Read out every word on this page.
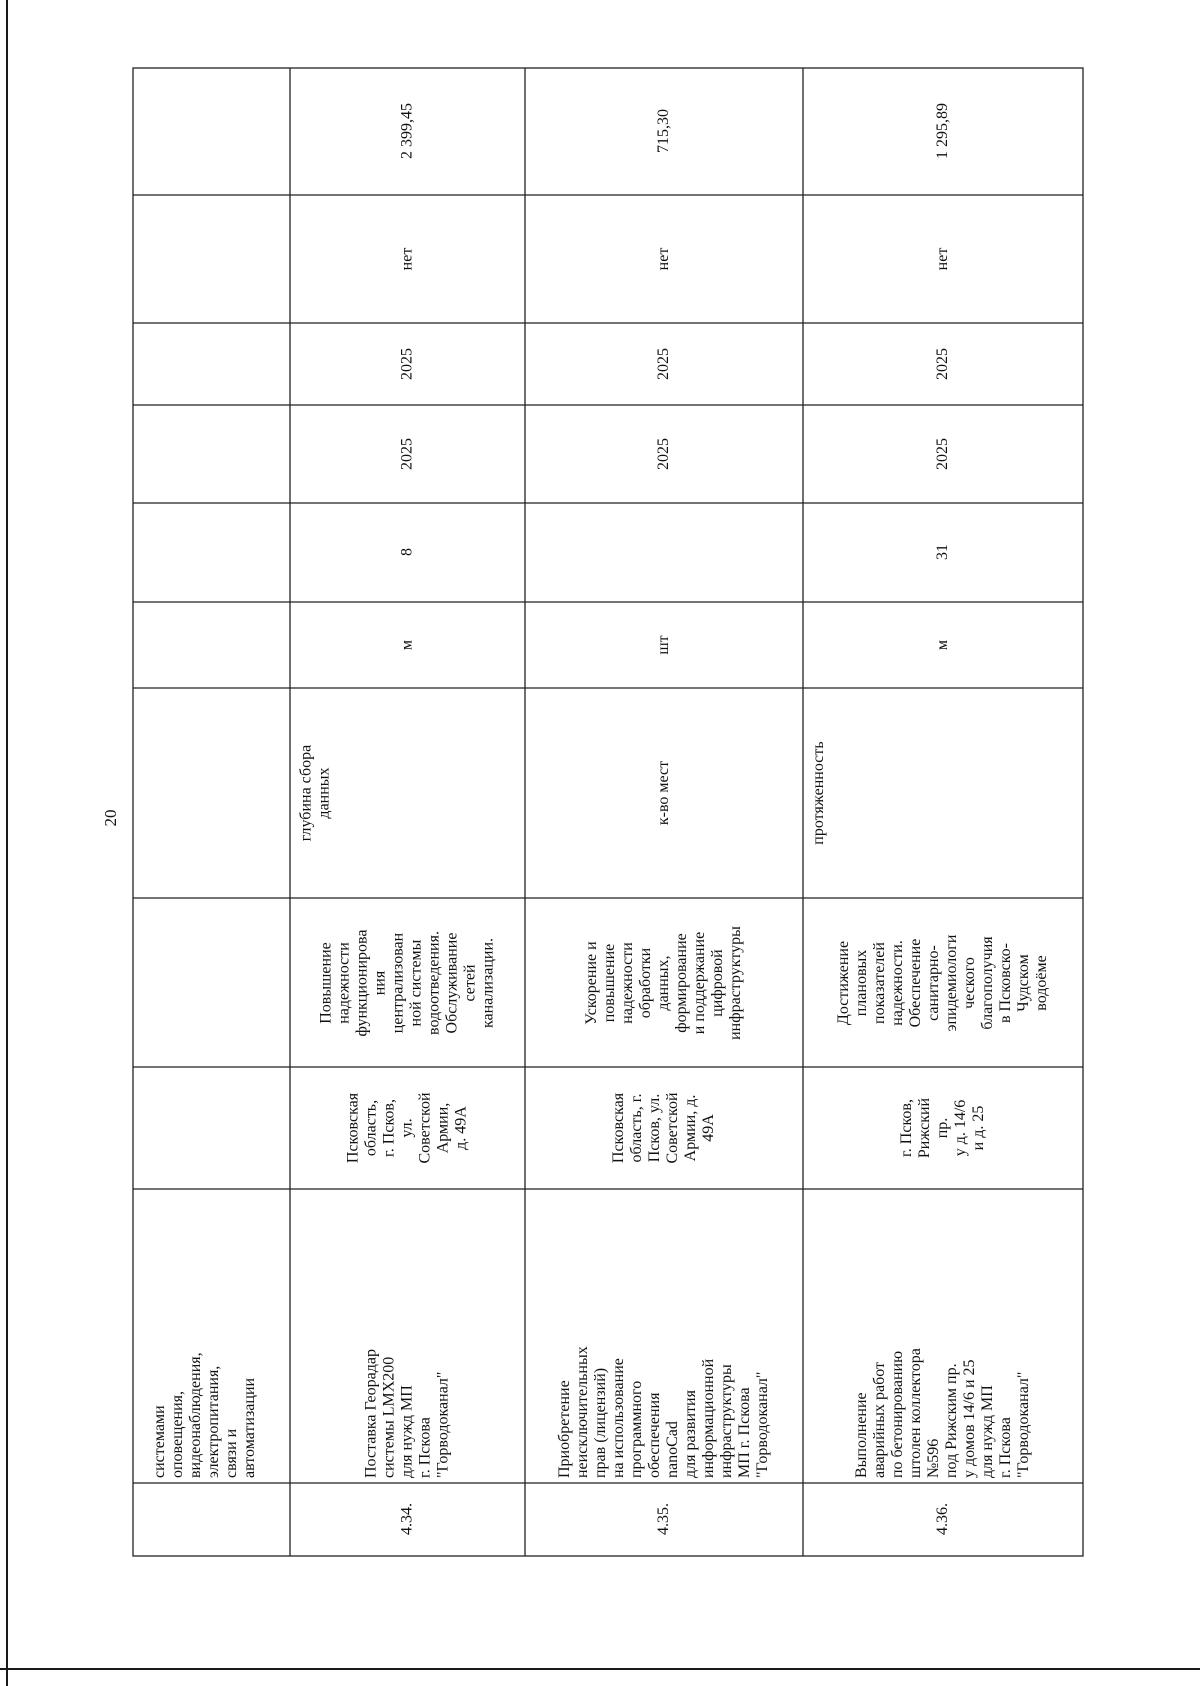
20
системами оповещения, видеонаблюдения, электропитания, связи и автоматизации
4.34.
Поставка Георадар системы LMX200 для нужд МП г. Пскова "Горводоканал"
Псковская область, г. Псков, ул. Советской Армии, д. 49А
Повышение надежности функционирова ния централизован ной системы водоотведения. Обслуживание сетей канализации.
глубина сбора данных
м
8
2025
2025
нет
2 399,45
4.35.
Приобретение неисключительных прав (лицензий) на использование программного обеспечения nanoCad для развития информационной инфраструктуры МП г. Пскова "Горводоканал"
Псковская область, г. Псков, ул. Советской Армии, д. 49А
Ускорение и повышение надежности обработки данных, формирование и поддержание цифровой инфраструктуры
к-во мест
шт
2025
2025
нет
715,30
4.36.
Выполнение аварийных работ по бетонированию штолен коллектора №596 под Рижским пр. у домов 14/6 и 25 для нужд МП г. Пскова "Горводоканал"
г. Псков, Рижский пр. у д. 14/6 и д. 25
Достижение плановых показателей надежности. Обеспечение санитарно- эпидемиологи ческого благополучия в Псковско- Чудском водоёме
протяженность
м
31
2025
2025
нет
1 295,89
